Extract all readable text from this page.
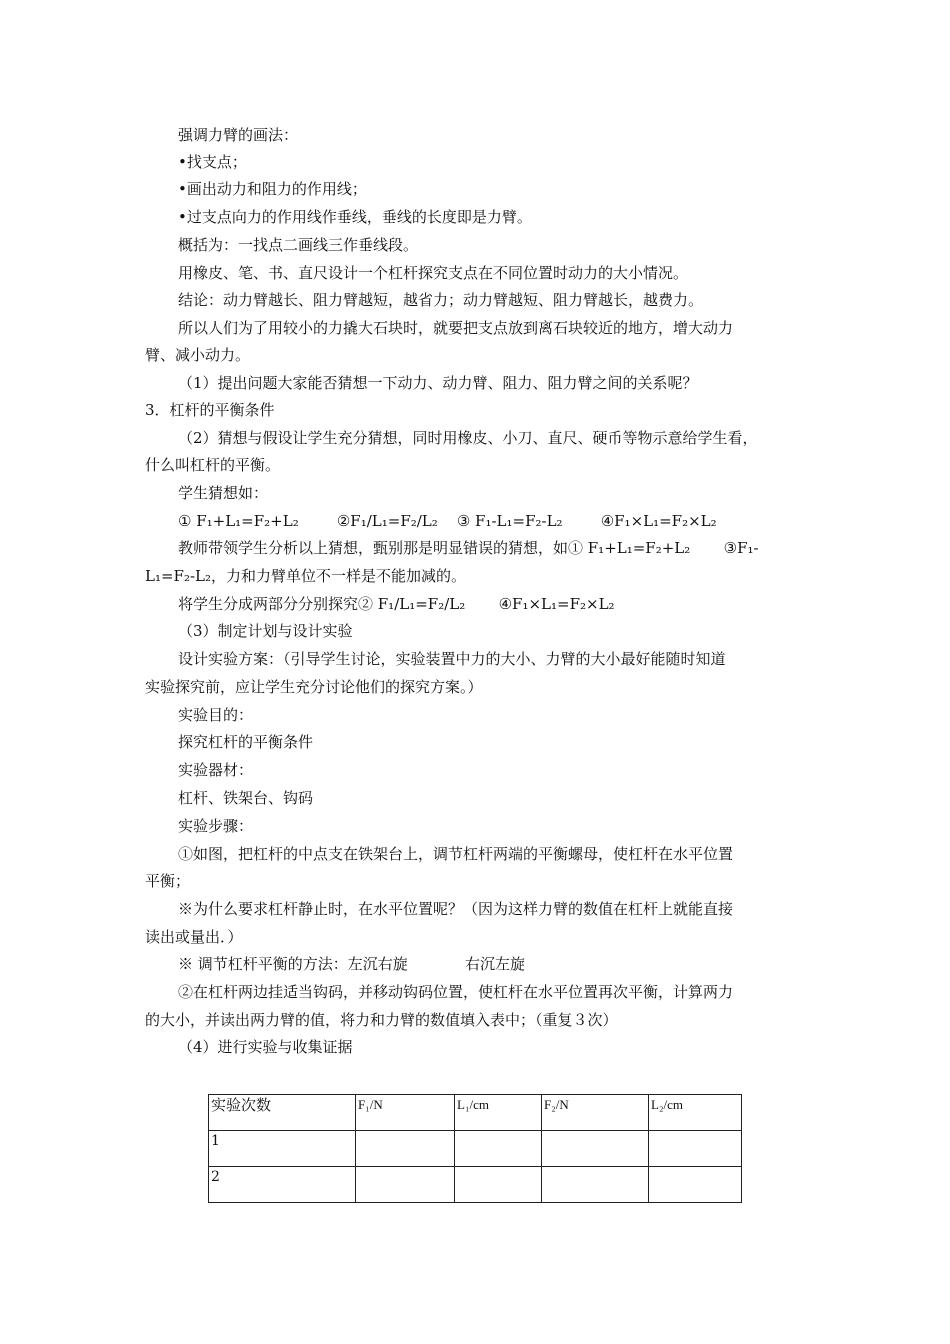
强调力臂的画法：
•找支点；
•画出动力和阻力的作用线；
•过支点向力的作用线作垂线，垂线的长度即是力臂。
概括为：一找点二画线三作垂线段。
用橡皮、笔、书、直尺设计一个杠杆探究支点在不同位置时动力的大小情况。
结论：动力臂越长、阻力臂越短，越省力；动力臂越短、阻力臂越长，越费力。
所以人们为了用较小的力撬大石块时，就要把支点放到离石块较近的地方，增大动力
臂、减小动力。
（1）提出问题大家能否猜想一下动力、动力臂、阻力、阻力臂之间的关系呢？
3．杠杆的平衡条件
（2）猜想与假设让学生充分猜想，同时用橡皮、小刀、直尺、硬币等物示意给学生看，
什么叫杠杆的平衡。
学生猜想如：
① F₁+L₁=F₂+L₂        ②F₁/L₁=F₂/L₂    ③ F₁-L₁=F₂-L₂        ④F₁×L₁=F₂×L₂
教师带领学生分析以上猜想，甄别那是明显错误的猜想，如① F₁+L₁=F₂+L₂       ③F₁-
L₁=F₂-L₂，力和力臂单位不一样是不能加减的。
将学生分成两部分分别探究② F₁/L₁=F₂/L₂       ④F₁×L₁=F₂×L₂
（3）制定计划与设计实验
设计实验方案：（引导学生讨论，实验装置中力的大小、力臂的大小最好能随时知道
实验探究前，应让学生充分讨论他们的探究方案。）
实验目的：
探究杠杆的平衡条件
实验器材：
杠杆、铁架台、钩码
实验步骤：
①如图，把杠杆的中点支在铁架台上，调节杠杆两端的平衡螺母，使杠杆在水平位置
平衡；
※为什么要求杠杆静止时，在水平位置呢？（因为这样力臂的数值在杠杆上就能直接
读出或量出．）
※ 调节杠杆平衡的方法：左沉右旋            右沉左旋
②在杠杆两边挂适当钩码，并移动钩码位置，使杠杆在水平位置再次平衡，计算两力
的大小，并读出两力臂的值，将力和力臂的数值填入表中；（重复３次）
（4）进行实验与收集证据
实验次数	F₁/N	L₁/cm	F₂/N	L₂/cm
1				
2				
